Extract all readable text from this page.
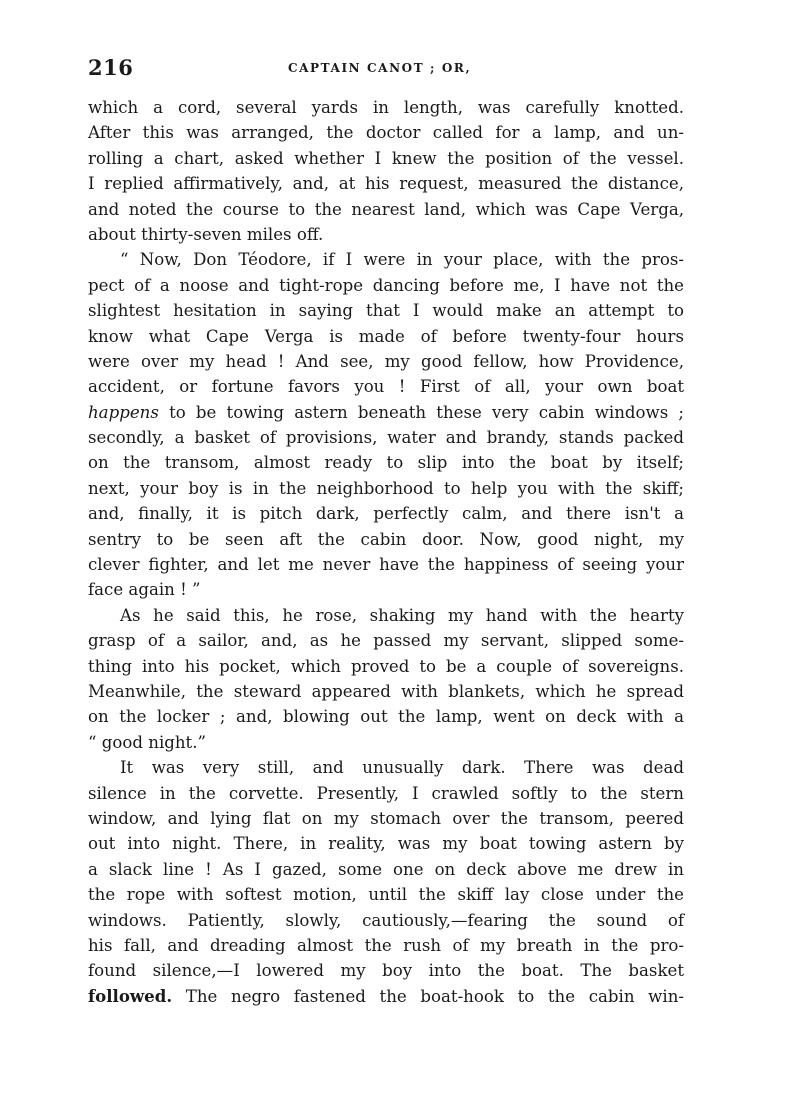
216	CAPTAIN CANOT ; OR,
which a cord, several yards in length, was carefully knotted.
After this was arranged, the doctor called for a lamp, and un-
rolling a chart, asked whether I knew the position of the vessel.
I replied affirmatively, and, at his request, measured the distance,
and noted the course to the nearest land, which was Cape Verga,
about thirty-seven miles off.
“ Now, Don Téodore, if I were in your place, with the pros-
pect of a noose and tight-rope dancing before me, I have not the
slightest hesitation in saying that I would make an attempt to
know what Cape Verga is made of before twenty-four hours
were over my head ! And see, my good fellow, how Providence,
accident, or fortune favors you ! First of all, your own boat
happens to be towing astern beneath these very cabin windows ;
secondly, a basket of provisions, water and brandy, stands packed
on the transom, almost ready to slip into the boat by itself;
next, your boy is in the neighborhood to help you with the skiff;
and, finally, it is pitch dark, perfectly calm, and there isn't a
sentry to be seen aft the cabin door. Now, good night, my
clever fighter, and let me never have the happiness of seeing your
face again ! ”
As he said this, he rose, shaking my hand with the hearty
grasp of a sailor, and, as he passed my servant, slipped some-
thing into his pocket, which proved to be a couple of sovereigns.
Meanwhile, the steward appeared with blankets, which he spread
on the locker ; and, blowing out the lamp, went on deck with a
“ good night.”
It was very still, and unusually dark. There was dead
silence in the corvette. Presently, I crawled softly to the stern
window, and lying flat on my stomach over the transom, peered
out into night. There, in reality, was my boat towing astern by
a slack line ! As I gazed, some one on deck above me drew in
the rope with softest motion, until the skiff lay close under the
windows. Patiently, slowly, cautiously,—fearing the sound of
his fall, and dreading almost the rush of my breath in the pro-
found silence,—I lowered my boy into the boat. The basket
followed. The negro fastened the boat-hook to the cabin win-
